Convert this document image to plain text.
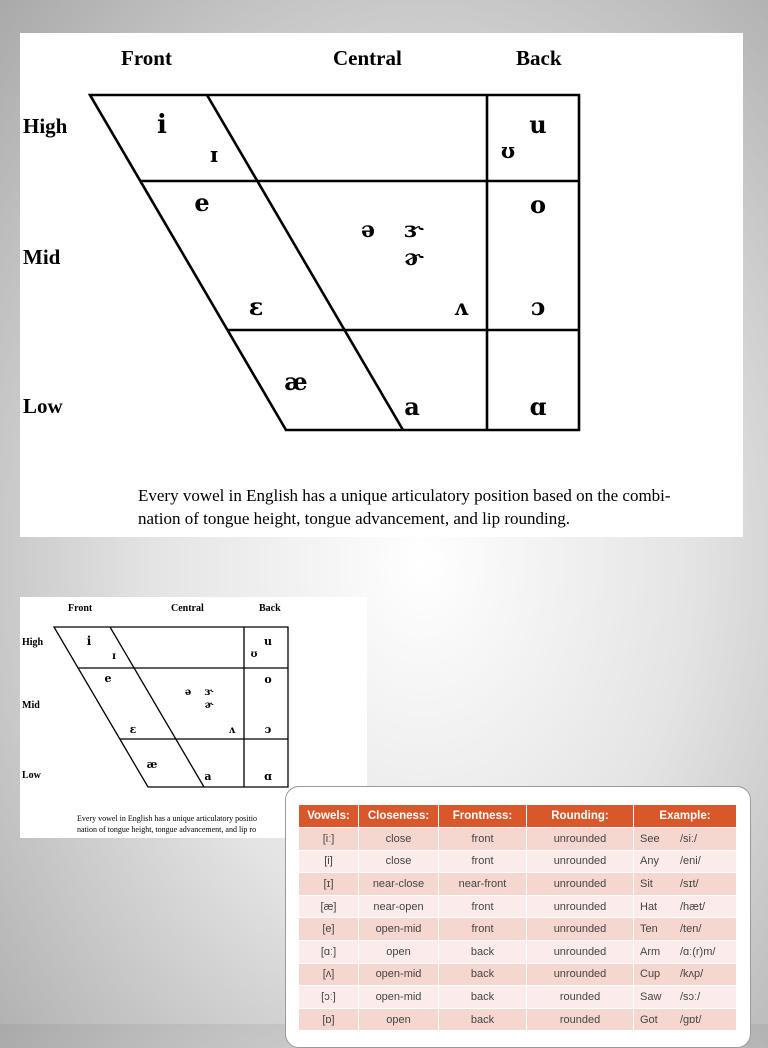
Front	Central	Back
High
Mid
Low
i
ɪ
u
ʊ
e	o
ə ɝ
ɚ
ɛ	ʌ	ɔ
æ
a	ɑ
Every vowel in English has a unique articulatory position based on the combi-
nation of tongue height, tongue advancement, and lip rounding.
Front	Central	Back
High
Mid
Low
i
ɪ
u
ʊ
e	o
ə ɝ
ɚ
ɛ	ʌ	ɔ
æ
a	ɑ
Every vowel in English has a unique articulatory positio
nation of tongue height, tongue advancement, and lip ro
Vowels:	Closeness:	Frontness:	Rounding:	Example:
[iː]	close	front	unrounded	See /siː/
[i]	close	front	unrounded	Any /eni/
[ɪ]	near-close	near-front	unrounded	Sit /sɪt/
[æ]	near-open	front	unrounded	Hat /hæt/
[e]	open-mid	front	unrounded	Ten /ten/
[ɑː]	open	back	unrounded	Arm /ɑː(r)m/
[ʌ]	open-mid	back	unrounded	Cup /kʌp/
[ɔː]	open-mid	back	rounded	Saw /sɔː/
[ɒ]	open	back	rounded	Got /gɒt/
